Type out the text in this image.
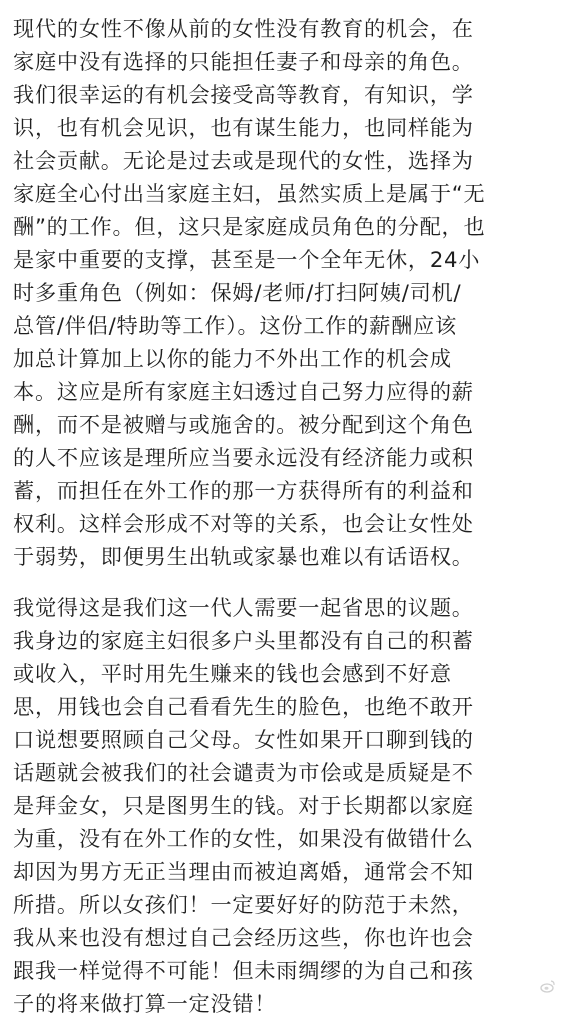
现代的女性不像从前的女性没有教育的机会，在
家庭中没有选择的只能担任妻子和母亲的角色。
我们很幸运的有机会接受高等教育，有知识，学
识，也有机会见识，也有谋生能力，也同样能为
社会贡献。无论是过去或是现代的女性，选择为
家庭全心付出当家庭主妇，虽然实质上是属于“无
酬”的工作。但，这只是家庭成员角色的分配，也
是家中重要的支撑，甚至是一个全年无休，24小
时多重角色（例如：保姆/老师/打扫阿姨/司机/
总管/伴侣/特助等工作）。这份工作的薪酬应该
加总计算加上以你的能力不外出工作的机会成
本。这应是所有家庭主妇透过自己努力应得的薪
酬，而不是被赠与或施舍的。被分配到这个角色
的人不应该是理所应当要永远没有经济能力或积
蓄，而担任在外工作的那一方获得所有的利益和
权利。这样会形成不对等的关系，也会让女性处
于弱势，即便男生出轨或家暴也难以有话语权。
我觉得这是我们这一代人需要一起省思的议题。
我身边的家庭主妇很多户头里都没有自己的积蓄
或收入，平时用先生赚来的钱也会感到不好意
思，用钱也会自己看看先生的脸色，也绝不敢开
口说想要照顾自己父母。女性如果开口聊到钱的
话题就会被我们的社会谴责为市侩或是质疑是不
是拜金女，只是图男生的钱。对于长期都以家庭
为重，没有在外工作的女性，如果没有做错什么
却因为男方无正当理由而被迫离婚，通常会不知
所措。所以女孩们！一定要好好的防范于未然，
我从来也没有想过自己会经历这些，你也许也会
跟我一样觉得不可能！但未雨绸缪的为自己和孩
子的将来做打算一定没错！
